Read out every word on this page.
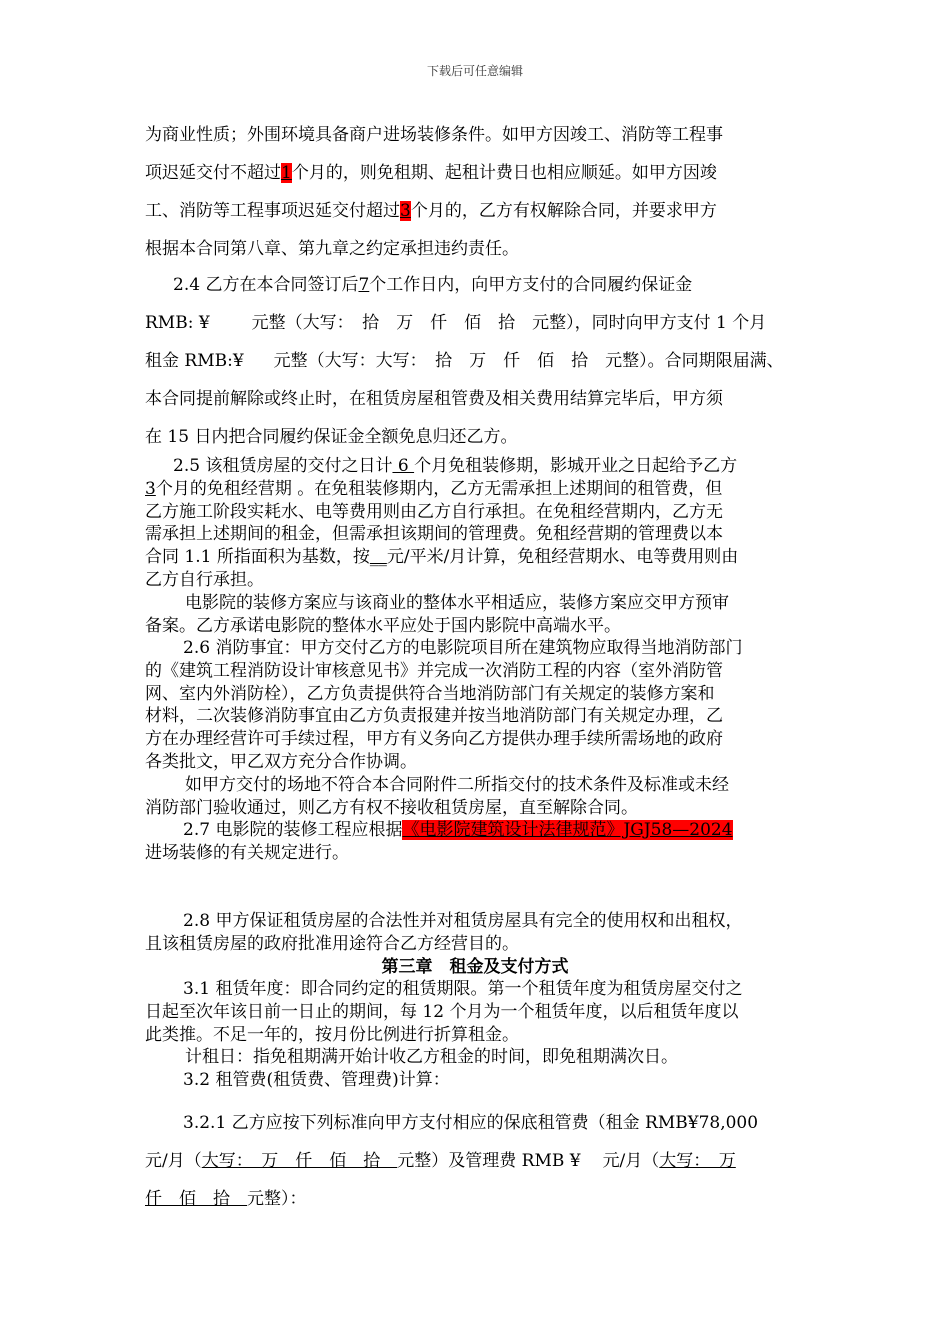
下载后可任意编辑
为商业性质；外围环境具备商户进场装修条件。如甲方因竣工、消防等工程事
项迟延交付不超过1个月的，则免租期、起租计费日也相应顺延。如甲方因竣
工、消防等工程事项迟延交付超过3个月的，乙方有权解除合同，并要求甲方
根据本合同第八章、第九章之约定承担违约责任。
2.4 乙方在本合同签订后7个工作日内，向甲方支付的合同履约保证金
RMB: ¥ 元整（大写：　拾　万　仟　佰　拾　元整），同时向甲方支付 1 个月
租金 RMB:¥ 元整（大写：大写：　拾　万　仟　佰　拾　元整）。合同期限届满、
本合同提前解除或终止时，在租赁房屋租管费及相关费用结算完毕后，甲方须
在 15 日内把合同履约保证金全额免息归还乙方。
2.5 该租赁房屋的交付之日计 6 个月免租装修期，影城开业之日起给予乙方
3个月的免租经营期 。在免租装修期内，乙方无需承担上述期间的租管费，但
乙方施工阶段实耗水、电等费用则由乙方自行承担。在免租经营期内，乙方无
需承担上述期间的租金，但需承担该期间的管理费。免租经营期的管理费以本
合同 1.1 所指面积为基数，按__元/平米/月计算，免租经营期水、电等费用则由
乙方自行承担。
电影院的装修方案应与该商业的整体水平相适应，装修方案应交甲方预审
备案。乙方承诺电影院的整体水平应处于国内影院中高端水平。
2.6 消防事宜：甲方交付乙方的电影院项目所在建筑物应取得当地消防部门
的《建筑工程消防设计审核意见书》并完成一次消防工程的内容（室外消防管
网、室内外消防栓），乙方负责提供符合当地消防部门有关规定的装修方案和
材料，二次装修消防事宜由乙方负责报建并按当地消防部门有关规定办理，乙
方在办理经营许可手续过程，甲方有义务向乙方提供办理手续所需场地的政府
各类批文，甲乙双方充分合作协调。
如甲方交付的场地不符合本合同附件二所指交付的技术条件及标准或未经
消防部门验收通过，则乙方有权不接收租赁房屋，直至解除合同。
2.7 电影院的装修工程应根据《电影院建筑设计法律规范》JGJ58—2024
进场装修的有关规定进行。
2.8 甲方保证租赁房屋的合法性并对租赁房屋具有完全的使用权和出租权，
且该租赁房屋的政府批准用途符合乙方经营目的。
第三章　租金及支付方式
3.1 租赁年度：即合同约定的租赁期限。第一个租赁年度为租赁房屋交付之
日起至次年该日前一日止的期间，每 12 个月为一个租赁年度，以后租赁年度以
此类推。不足一年的，按月份比例进行折算租金。
计租日：指免租期满开始计收乙方租金的时间，即免租期满次日。
3.2 租管费(租赁费、管理费)计算：
3.2.1 乙方应按下列标准向甲方支付相应的保底租管费（租金 RMB¥78,000
元/月（大写：　万　仟　佰　拾　元整）及管理费 RMB ¥ 元/月（大写：　万
仟　佰　拾　元整）：
